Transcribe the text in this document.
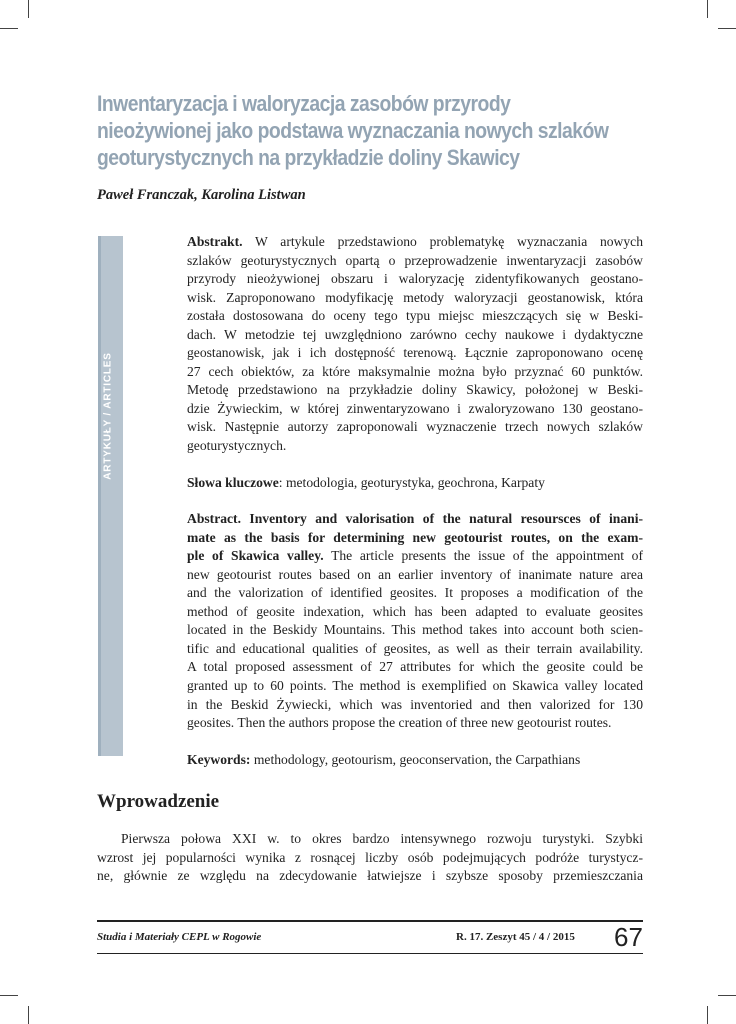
Inwentaryzacja i waloryzacja zasobów przyrody
nieożywionej jako podstawa wyznaczania nowych szlaków
geoturystycznych na przykładzie doliny Skawicy

Paweł Franczak, Karolina Listwan

ARTYKUŁY / ARTICLES

Abstrakt. W artykule przedstawiono problematykę wyznaczania nowych
szlaków geoturystycznych opartą o przeprowadzenie inwentaryzacji zasobów
przyrody nieożywionej obszaru i waloryzację zidentyfikowanych geostano-
wisk. Zaproponowano modyfikację metody waloryzacji geostanowisk, która
została dostosowana do oceny tego typu miejsc mieszczących się w Beski-
dach. W metodzie tej uwzględniono zarówno cechy naukowe i dydaktyczne
geostanowisk, jak i ich dostępność terenową. Łącznie zaproponowano ocenę
27 cech obiektów, za które maksymalnie można było przyznać 60 punktów.
Metodę przedstawiono na przykładzie doliny Skawicy, położonej w Beski-
dzie Żywieckim, w której zinwentaryzowano i zwaloryzowano 130 geostano-
wisk. Następnie autorzy zaproponowali wyznaczenie trzech nowych szlaków
geoturystycznych.

Słowa kluczowe: metodologia, geoturystyka, geochrona, Karpaty

Abstract. Inventory and valorisation of the natural resoursces of inani-
mate as the basis for determining new geotourist routes, on the exam-
ple of Skawica valley. The article presents the issue of the appointment of
new geotourist routes based on an earlier inventory of inanimate nature area
and the valorization of identified geosites. It proposes a modification of the
method of geosite indexation, which has been adapted to evaluate geosites
located in the Beskidy Mountains. This method takes into account both scien-
tific and educational qualities of geosites, as well as their terrain availability.
A total proposed assessment of 27 attributes for which the geosite could be
granted up to 60 points. The method is exemplified on Skawica valley located
in the Beskid Żywiecki, which was inventoried and then valorized for 130
geosites. Then the authors propose the creation of three new geotourist routes.

Keywords: methodology, geotourism, geoconservation, the Carpathians

Wprowadzenie

Pierwsza połowa XXI w. to okres bardzo intensywnego rozwoju turystyki. Szybki
wzrost jej popularności wynika z rosnącej liczby osób podejmujących podróże turystycz-
ne, głównie ze względu na zdecydowanie łatwiejsze i szybsze sposoby przemieszczania

Studia i Materiały CEPL w Rogowie	R. 17. Zeszyt 45 / 4 / 2015 67
